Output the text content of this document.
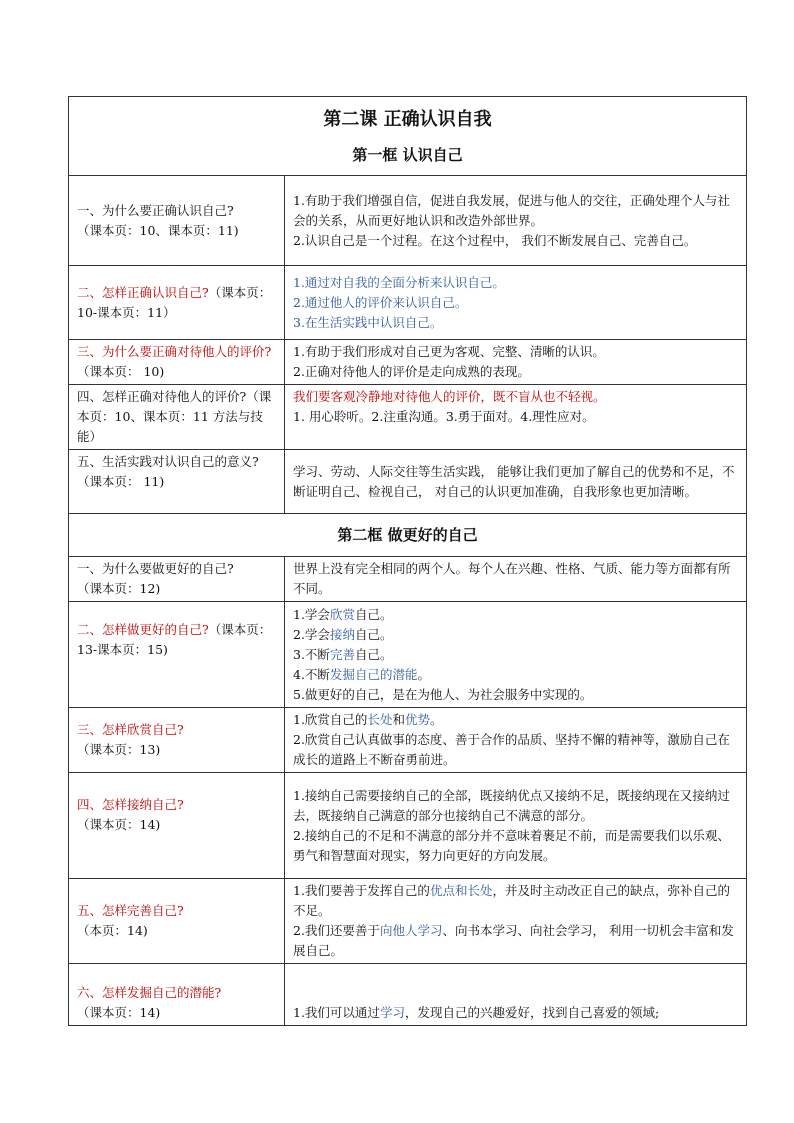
第二课 正确认识自我
第一框 认识自己	

一、为什么要正确认识自己?
（课本页：10、课本页：11)	1.有助于我们增强自信，促进自我发展，促进与他人的交往，正确处理个人与社会的关系，从而更好地认识和改造外部世界。
2.认识自己是一个过程。在这个过程中， 我们不断发展自己、完善自己。

二、怎样正确认识自己?（课本页：10-课本页：11）	1.通过对自我的全面分析来认识自己。
2.通过他人的评价来认识自己。
3.在生活实践中认识自己。

三、为什么要正确对待他人的评价?（课本页： 10)	1.有助于我们形成对自己更为客观、完整、清晰的认识。
2.正确对待他人的评价是走向成熟的表现。

四、怎样正确对待他人的评价?（课本页：10、课本页：11 方法与技能）	我们要客观冷静地对待他人的评价，既不盲从也不轻视。
1. 用心聆听。2.注重沟通。3.勇于面对。4.理性应对。

五、生活实践对认识自己的意义?（课本页： 11)	学习、劳动、人际交往等生活实践， 能够让我们更加了解自己的优势和不足，不断证明自己、检视自己， 对自己的认识更加准确，自我形象也更加清晰。

第二框 做更好的自己	
一、为什么要做更好的自己?
（课本页：12)	世界上没有完全相同的两个人。每个人在兴趣、性格、气质、能力等方面都有所不同。

二、怎样做更好的自己?（课本页：13-课本页：15)	1.学会欣赏自己。
2.学会接纳自己。
3.不断完善自己。
4.不断发掘自己的潜能。
5.做更好的自己，是在为他人、为社会服务中实现的。

三、怎样欣赏自己?
（课本页：13)	1.欣赏自己的长处和优势。
2.欣赏自己认真做事的态度、善于合作的品质、坚持不懈的精神等，激励自己在成长的道路上不断奋勇前进。

四、怎样接纳自己?
（课本页：14)	1.接纳自己需要接纳自己的全部，既接纳优点又接纳不足，既接纳现在又接纳过去，既接纳自己满意的部分也接纳自己不满意的部分。
2.接纳自己的不足和不满意的部分并不意味着裹足不前，而是需要我们以乐观、勇气和智慧面对现实，努力向更好的方向发展。

五、怎样完善自己?
（本页：14)	1.我们要善于发挥自己的优点和长处，并及时主动改正自己的缺点，弥补自己的不足。
2.我们还要善于向他人学习、向书本学习、向社会学习， 利用一切机会丰富和发展自己。

六、怎样发掘自己的潜能?
（课本页：14)	1.我们可以通过学习，发现自己的兴趣爱好，找到自己喜爱的领域;
